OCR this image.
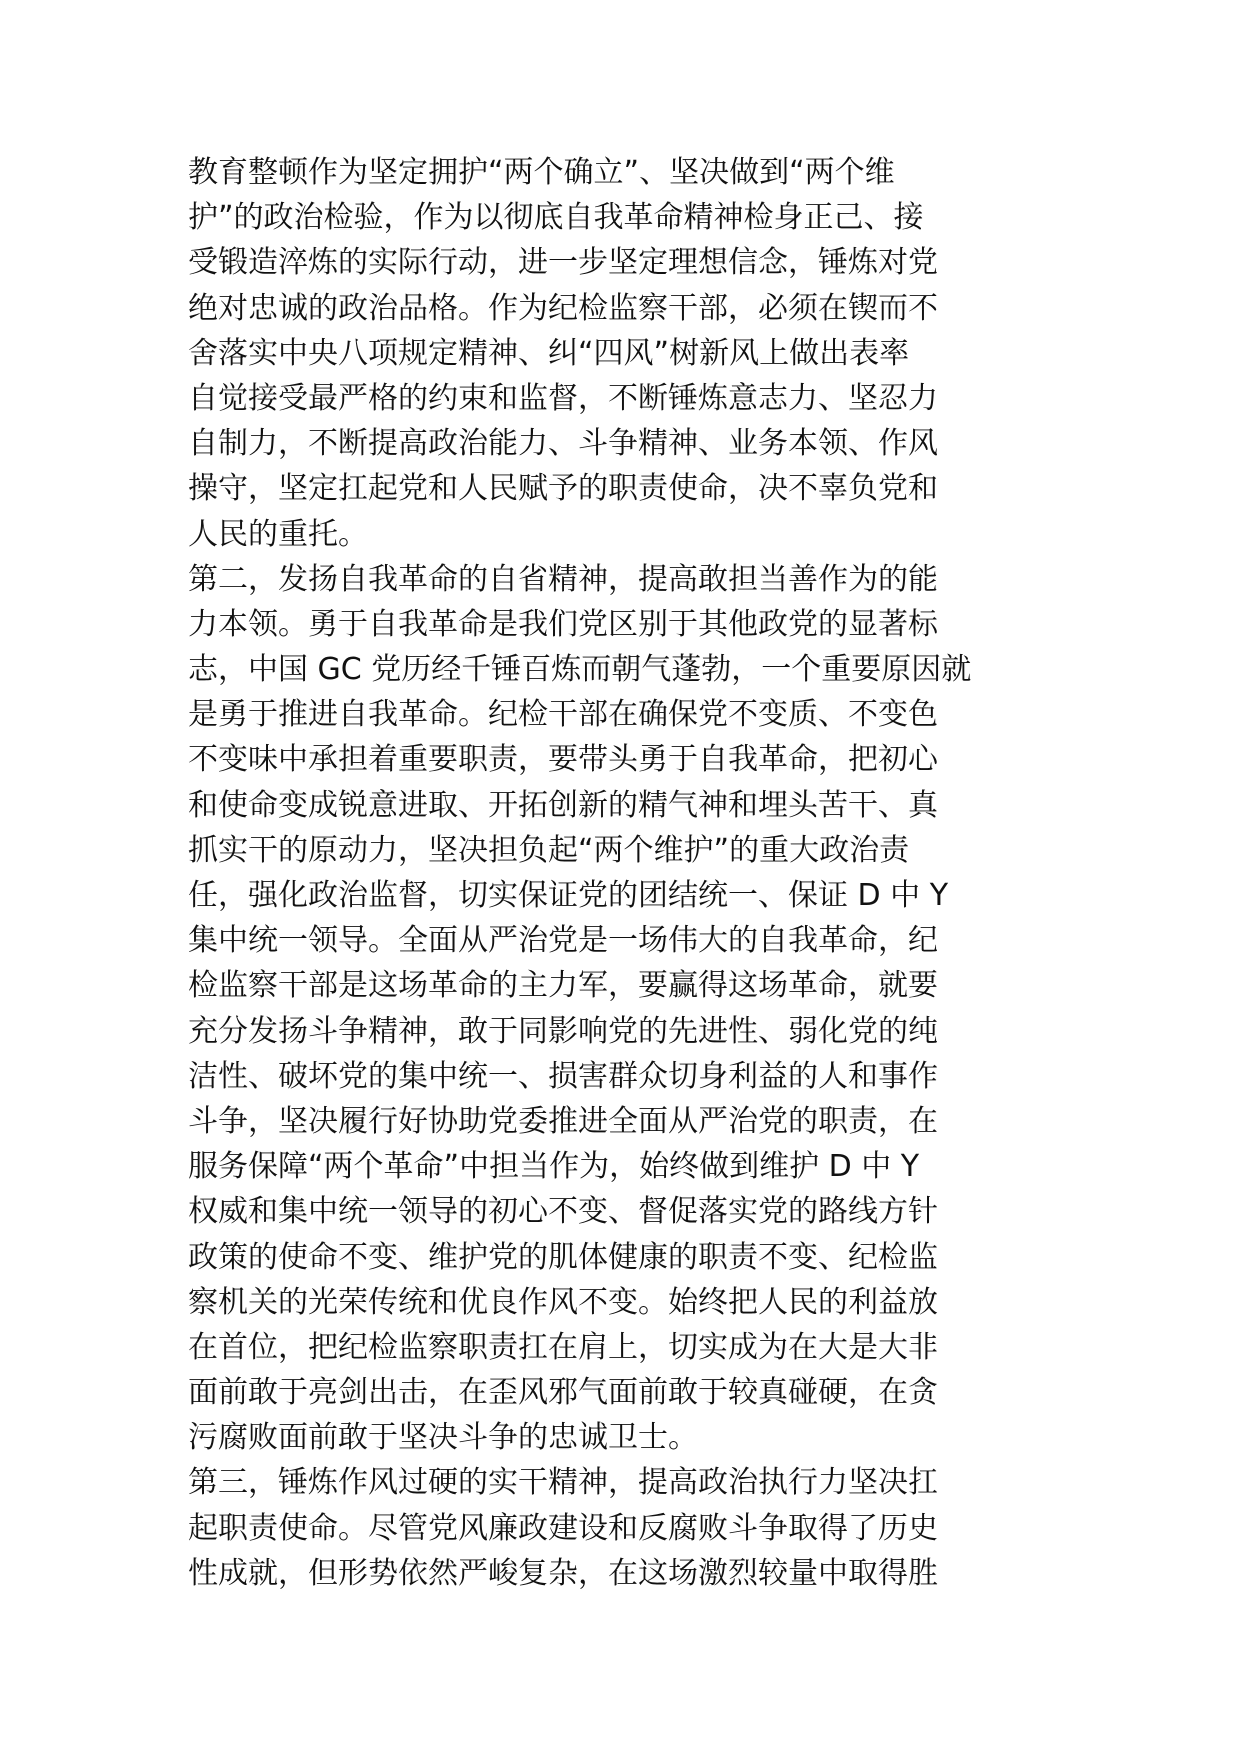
教育整顿作为坚定拥护“两个确立”、坚决做到“两个维
护”的政治检验，作为以彻底自我革命精神检身正己、接
受锻造淬炼的实际行动，进一步坚定理想信念，锤炼对党
绝对忠诚的政治品格。作为纪检监察干部，必须在锲而不
舍落实中央八项规定精神、纠“四风”树新风上做出表率
自觉接受最严格的约束和监督，不断锤炼意志力、坚忍力
自制力，不断提高政治能力、斗争精神、业务本领、作风
操守，坚定扛起党和人民赋予的职责使命，决不辜负党和
人民的重托。
第二，发扬自我革命的自省精神，提高敢担当善作为的能
力本领。勇于自我革命是我们党区别于其他政党的显著标
志，中国 GC 党历经千锤百炼而朝气蓬勃，一个重要原因就
是勇于推进自我革命。纪检干部在确保党不变质、不变色
不变味中承担着重要职责，要带头勇于自我革命，把初心
和使命变成锐意进取、开拓创新的精气神和埋头苦干、真
抓实干的原动力，坚决担负起“两个维护”的重大政治责
任，强化政治监督，切实保证党的团结统一、保证 D 中 Y
集中统一领导。全面从严治党是一场伟大的自我革命，纪
检监察干部是这场革命的主力军，要赢得这场革命，就要
充分发扬斗争精神，敢于同影响党的先进性、弱化党的纯
洁性、破坏党的集中统一、损害群众切身利益的人和事作
斗争，坚决履行好协助党委推进全面从严治党的职责，在
服务保障“两个革命”中担当作为，始终做到维护 D 中 Y
权威和集中统一领导的初心不变、督促落实党的路线方针
政策的使命不变、维护党的肌体健康的职责不变、纪检监
察机关的光荣传统和优良作风不变。始终把人民的利益放
在首位，把纪检监察职责扛在肩上，切实成为在大是大非
面前敢于亮剑出击，在歪风邪气面前敢于较真碰硬，在贪
污腐败面前敢于坚决斗争的忠诚卫士。
第三，锤炼作风过硬的实干精神，提高政治执行力坚决扛
起职责使命。尽管党风廉政建设和反腐败斗争取得了历史
性成就，但形势依然严峻复杂，在这场激烈较量中取得胜
